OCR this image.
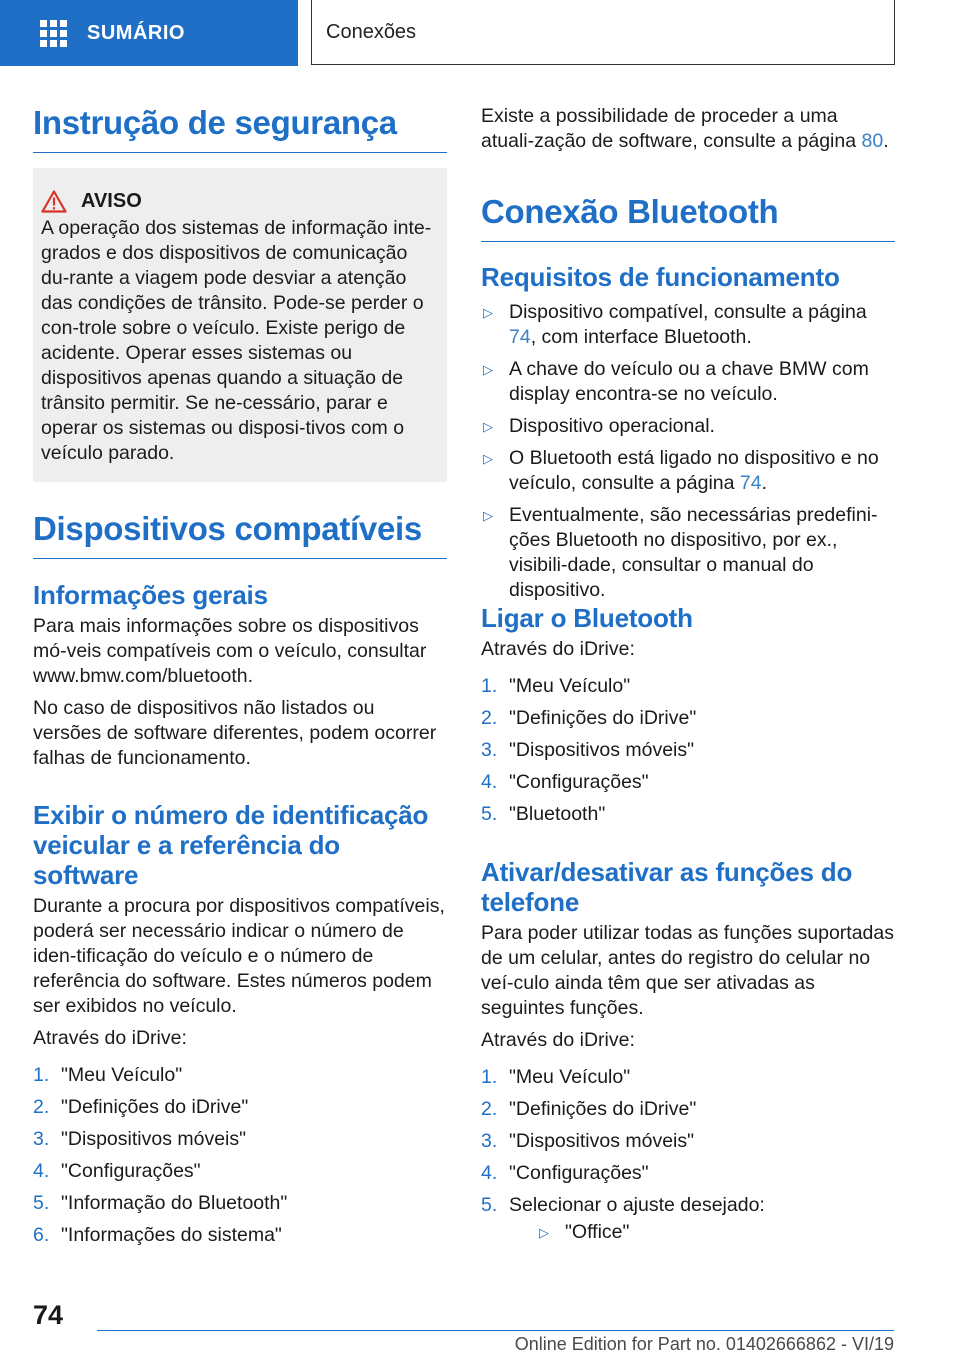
SUMÁRIO	Conexões
Instrução de segurança
AVISO

A operação dos sistemas de informação inte-grados e dos dispositivos de comunicação du-rante a viagem pode desviar a atenção das condições de trânsito. Pode-se perder o con-trole sobre o veículo. Existe perigo de acidente. Operar esses sistemas ou dispositivos apenas quando a situação de trânsito permitir. Se ne-cessário, parar e operar os sistemas ou disposi-tivos com o veículo parado.

Dispositivos compatíveis
Informações gerais

Para mais informações sobre os dispositivos mó-veis compatíveis com o veículo, consultar www.bmw.com/bluetooth.

No caso de dispositivos não listados ou versões de software diferentes, podem ocorrer falhas de funcionamento.

Exibir o número de identificação veicular e a referência do software

Durante a procura por dispositivos compatíveis, poderá ser necessário indicar o número de iden-tificação do veículo e o número de referência do software. Estes números podem ser exibidos no veículo.

Através do iDrive:

1. "Meu Veículo"
2. "Definições do iDrive"
3. "Dispositivos móveis"
4. "Configurações"
5. "Informação do Bluetooth"
6. "Informações do sistema"

Existe a possibilidade de proceder a uma atuali-zação de software, consulte a página 80.

Conexão Bluetooth
Requisitos de funcionamento
▷ Dispositivo compatível, consulte a página 74, com interface Bluetooth.
▷ A chave do veículo ou a chave BMW com display encontra-se no veículo.
▷ Dispositivo operacional.
▷ O Bluetooth está ligado no dispositivo e no veículo, consulte a página 74.
▷ Eventualmente, são necessárias predefini-ções Bluetooth no dispositivo, por ex., visibili-dade, consultar o manual do dispositivo.
Ligar o Bluetooth

Através do iDrive:

1. "Meu Veículo"
2. "Definições do iDrive"
3. "Dispositivos móveis"
4. "Configurações"
5. "Bluetooth"
Ativar/desativar as funções do telefone

Para poder utilizar todas as funções suportadas de um celular, antes do registro do celular no veí-culo ainda têm que ser ativadas as seguintes funções.

Através do iDrive:

1. "Meu Veículo"
2. "Definições do iDrive"
3. "Dispositivos móveis"
4. "Configurações"
5. Selecionar o ajuste desejado:
▷ "Office"
74
Online Edition for Part no. 01402666862 - VI/19
